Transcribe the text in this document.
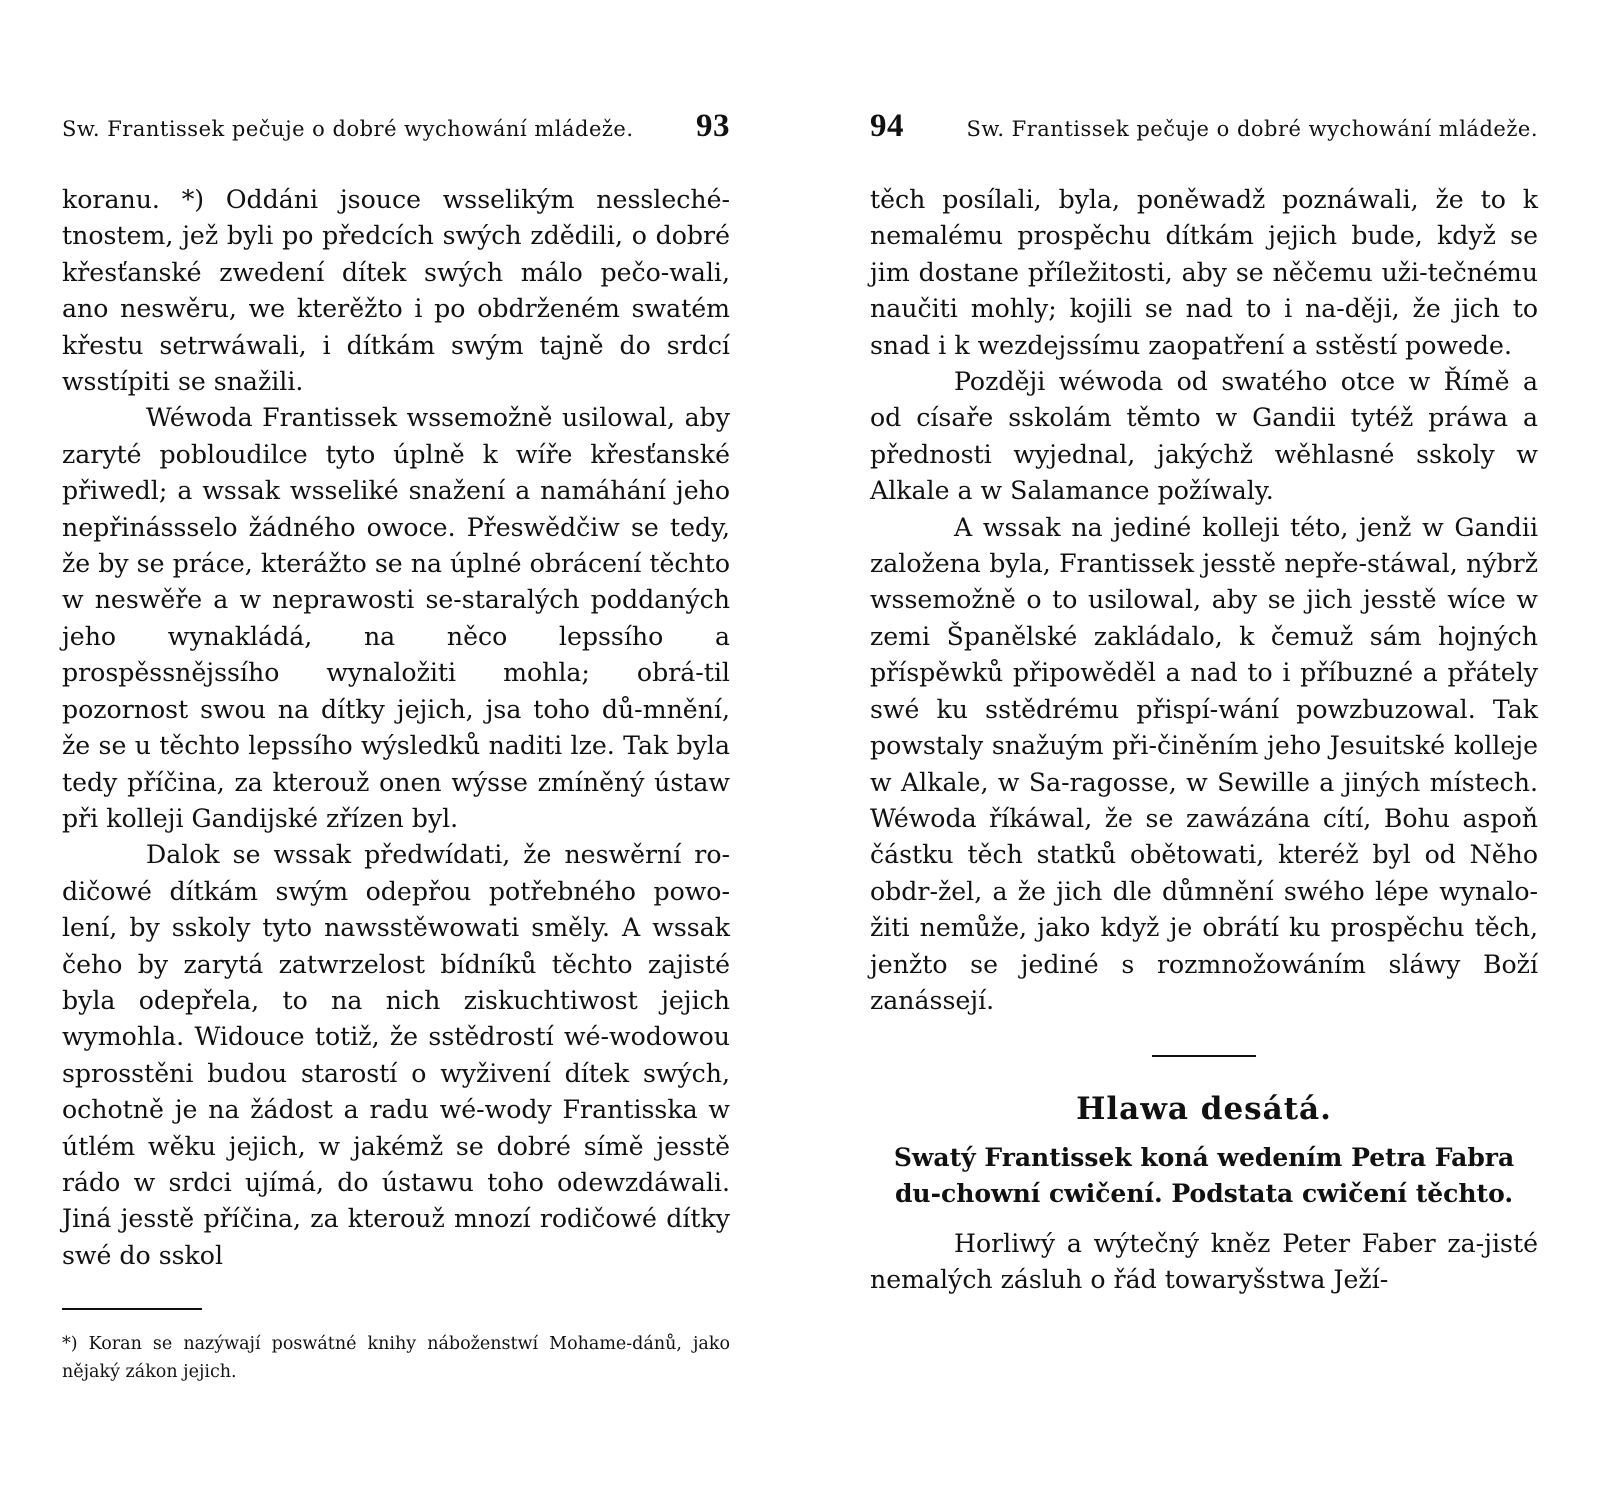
Sw. Frantissek pečuje o dobré wychowání mládeže. 93

koranu. *) Oddáni jsouce wsselikým nessleché-tnostem, jež byli po předcích swých zdědili, o dobré křesťanské zwedení dítek swých málo pečo-wali, ano neswěru, we kterěžto i po obdrženém swatém křestu setrwáwali, i dítkám swým tajně do srdcí wsstípiti se snažili.

Wéwoda Frantissek wssemožně usilowal, aby zaryté pobloudilce tyto úplně k wíře křesťanské přiwedl; a wssak wsseliké snažení a namáhání jeho nepřinássselo žádného owoce. Přeswědčiw se tedy, že by se práce, kterážto se na úplné obrácení těchto w neswěře a w neprawosti se-staralých poddaných jeho wynakládá, na něco lepssího a prospěssnějssího wynaložiti mohla; obrá-til pozornost swou na dítky jejich, jsa toho dů-mnění, že se u těchto lepssího wýsledků naditi lze. Tak byla tedy příčina, za kterouž onen wýsse zmíněný ústaw při kolleji Gandijské zřízen byl.

Dalok se wssak předwídati, že neswěrní ro-dičowé dítkám swým odepřou potřebného powo-lení, by sskoly tyto nawsstěwowati směly. A wssak čeho by zarytá zatwrzelost bídníků těchto zajisté byla odepřela, to na nich ziskuchtiwost jejich wymohla. Widouce totiž, že sstědrostí wé-wodowou sprosstěni budou starostí o wyživení dítek swých, ochotně je na žádost a radu wé-wody Frantisska w útlém wěku jejich, w jakémž se dobré símě jesstě rádo w srdci ujímá, do ústawu toho odewzdáwali. Jiná jesstě příčina, za kterouž mnozí rodičowé dítky swé do sskol

*) Koran se nazýwají poswátné knihy náboženstwí Mohame-dánů, jako nějaký zákon jejich.

94	Sw. Frantissek pečuje o dobré wychowání mládeže.

těch posílali, byla, poněwadž poznáwali, že to k nemalému prospěchu dítkám jejich bude, když se jim dostane příležitosti, aby se něčemu uži-tečnému naučiti mohly; kojili se nad to i na-ději, že jich to snad i k wezdejssímu zaopatření a sstěstí powede.

Později wéwoda od swatého otce w Římě a od císaře sskolám těmto w Gandii tytéž práwa a přednosti wyjednal, jakýchž wěhlasné sskoly w Alkale a w Salamance požíwaly.

A wssak na jediné kolleji této, jenž w Gandii založena byla, Frantissek jesstě nepře-stáwal, nýbrž wssemožně o to usilowal, aby se jich jesstě wíce w zemi Španělské zakládalo, k čemuž sám hojných příspěwků připowěděl a nad to i příbuzné a přátely swé ku sstědrému přispí-wání powzbuzowal. Tak powstaly snažuým při-činěním jeho Jesuitské kolleje w Alkale, w Sa-ragosse, w Sewille a jiných místech. Wéwoda říkáwal, že se zawázána cítí, Bohu aspoň částku těch statků obětowati, kteréž byl od Něho obdr-žel, a že jich dle důmnění swého lépe wynalo-žiti nemůže, jako když je obrátí ku prospěchu těch, jenžto se jediné s rozmnožowáním sláwy Boží zanássejí.

Hlawa desátá.
Swatý Frantissek koná wedením Petra Fabra du-chowní cwičení. Podstata cwičení těchto.

Horliwý a wýtečný kněz Peter Faber za-jisté nemalých zásluh o řád towaryšstwa Ježí-
